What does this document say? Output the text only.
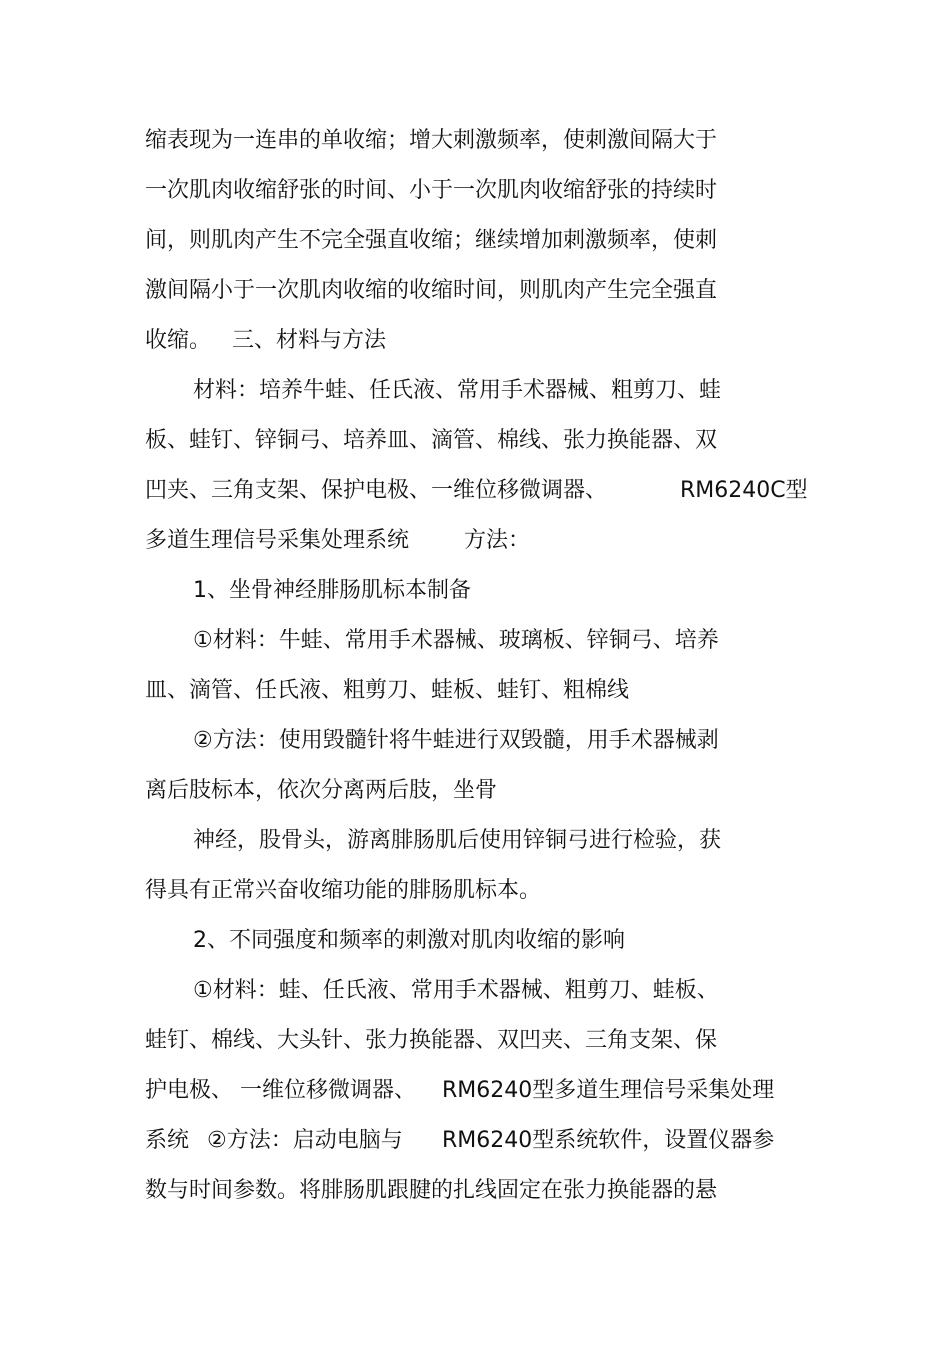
缩表现为一连串的单收缩；增大刺激频率，使刺激间隔大于
一次肌肉收缩舒张的时间、小于一次肌肉收缩舒张的持续时
间，则肌肉产生不完全强直收缩；继续增加刺激频率，使刺
激间隔小于一次肌肉收缩的收缩时间，则肌肉产生完全强直
收缩。 三、材料与方法
材料：培养牛蛙、任氏液、常用手术器械、粗剪刀、蛙
板、蛙钉、锌铜弓、培养皿、滴管、棉线、张力换能器、双
凹夹、三角支架、保护电极、一维位移微调器、	RM6240C型
多道生理信号采集处理系统 方法：
1、坐骨神经腓肠肌标本制备
①材料：牛蛙、常用手术器械、玻璃板、锌铜弓、培养
皿、滴管、任氏液、粗剪刀、蛙板、蛙钉、粗棉线
②方法：使用毁髓针将牛蛙进行双毁髓，用手术器械剥
离后肢标本，依次分离两后肢，坐骨
神经，股骨头，游离腓肠肌后使用锌铜弓进行检验，获
得具有正常兴奋收缩功能的腓肠肌标本。
2、不同强度和频率的刺激对肌肉收缩的影响
①材料：蛙、任氏液、常用手术器械、粗剪刀、蛙板、
蛙钉、棉线、大头针、张力换能器、双凹夹、三角支架、保
护电极、 一维位移微调器、 RM6240型多道生理信号采集处理
系统 ②方法：启动电脑与 RM6240型系统软件，设置仪器参
数与时间参数。将腓肠肌跟腱的扎线固定在张力换能器的悬
